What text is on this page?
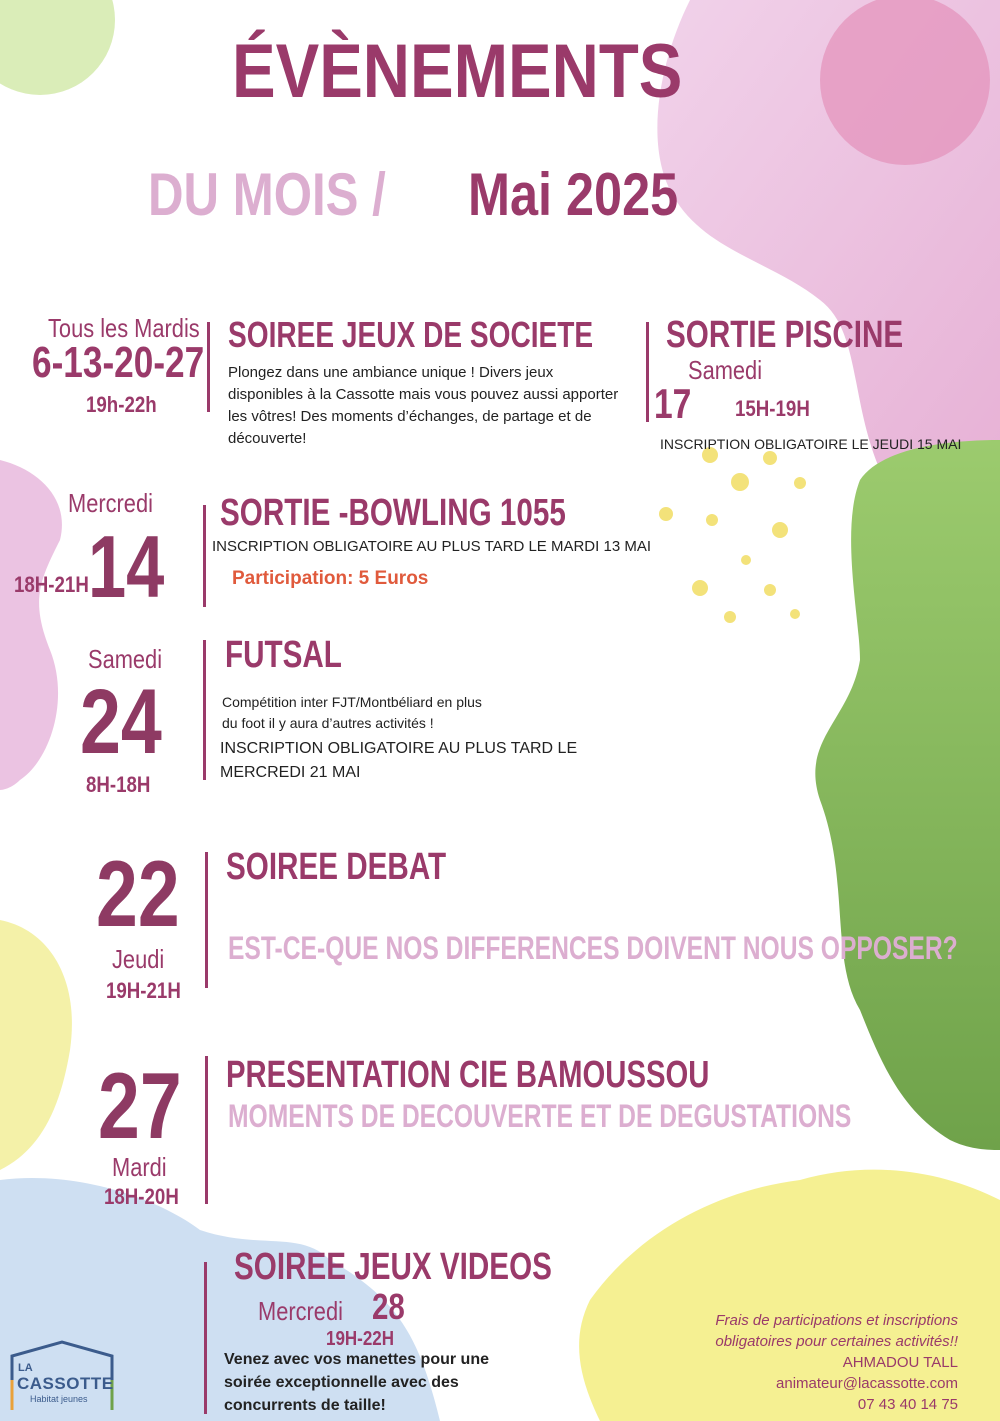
ÉVÈNEMENTS
DU MOIS / Mai 2025
Tous les Mardis
6-13-20-27
19h-22h
SOIREE JEUX DE SOCIETE
Plongez dans une ambiance unique ! Divers jeux disponibles à la Cassotte mais vous pouvez aussi apporter les vôtres! Des moments d’échanges, de partage et de découverte!
SORTIE PISCINE
Samedi
17 15H-19H
INSCRIPTION OBLIGATOIRE LE JEUDI 15 MAI
Mercredi
18H-21H 14
SORTIE -BOWLING 1055
INSCRIPTION OBLIGATOIRE AU PLUS TARD LE MARDI 13 MAI
Participation: 5 Euros
Samedi
24
8H-18H
FUTSAL
Compétition inter FJT/Montbéliard en plus
du foot il y aura d’autres activités !
INSCRIPTION OBLIGATOIRE AU PLUS TARD LE
MERCREDI 21 MAI
22
Jeudi
19H-21H
SOIREE DEBAT
EST-CE-QUE NOS DIFFERENCES DOIVENT NOUS OPPOSER?
27
Mardi
18H-20H
PRESENTATION CIE BAMOUSSOU
MOMENTS DE DECOUVERTE ET DE DEGUSTATIONS
SOIREE JEUX VIDEOS
Mercredi 28
19H-22H
Venez avec vos manettes pour une soirée exceptionnelle avec des concurrents de taille!
Frais de participations et inscriptions
obligatoires pour certaines activités!!
AHMADOU TALL
animateur@lacassotte.com
07 43 40 14 75
LA
CASSOTTE
Habitat jeunes
